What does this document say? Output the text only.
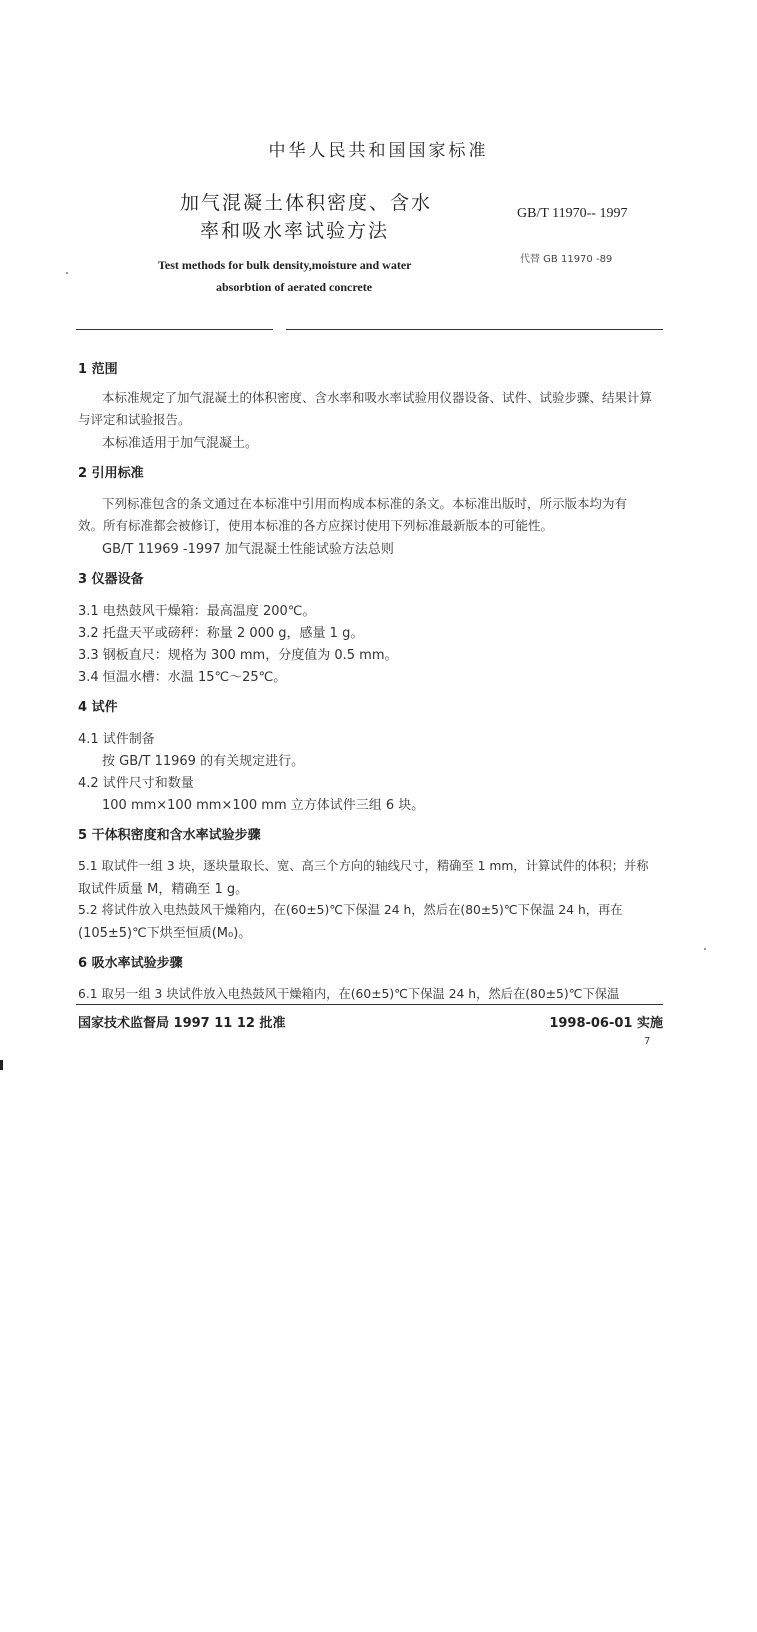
中华人民共和国国家标准
加气混凝土体积密度、含水
率和吸水率试验方法
GB/T 11970-- 1997
代替 GB 11970 -89
Test methods for bulk density,moisture and water
absorbtion of aerated concrete
1 范围
本标准规定了加气混凝土的体积密度、含水率和吸水率试验用仪器设备、试件、试验步骤、结果计算
与评定和试验报告。
本标准适用于加气混凝土。
2 引用标准
下列标准包含的条文通过在本标准中引用而构成本标准的条文。本标准出版时，所示版本均为有
效。所有标准都会被修订，使用本标准的各方应探讨使用下列标准最新版本的可能性。
GB/T 11969 -1997 加气混凝土性能试验方法总则
3 仪器设备
3.1 电热鼓风干燥箱：最高温度 200℃。
3.2 托盘天平或磅秤：称量 2 000 g，感量 1 g。
3.3 钢板直尺：规格为 300 mm，分度值为 0.5 mm。
3.4 恒温水槽：水温 15℃～25℃。
4 试件
4.1 试件制备
按 GB/T 11969 的有关规定进行。
4.2 试件尺寸和数量
100 mm×100 mm×100 mm 立方体试件三组 6 块。
5 干体积密度和含水率试验步骤
5.1 取试件一组 3 块，逐块量取长、宽、高三个方向的轴线尺寸，精确至 1 mm，计算试件的体积；并称
取试件质量 M，精确至 1 g。
5.2 将试件放入电热鼓风干燥箱内，在(60±5)℃下保温 24 h，然后在(80±5)℃下保温 24 h，再在
(105±5)℃下烘至恒质(M₀)。
6 吸水率试验步骤
6.1 取另一组 3 块试件放入电热鼓风干燥箱内，在(60±5)℃下保温 24 h，然后在(80±5)℃下保温
国家技术监督局 1997 11 12 批准	1998-06-01 实施
7
